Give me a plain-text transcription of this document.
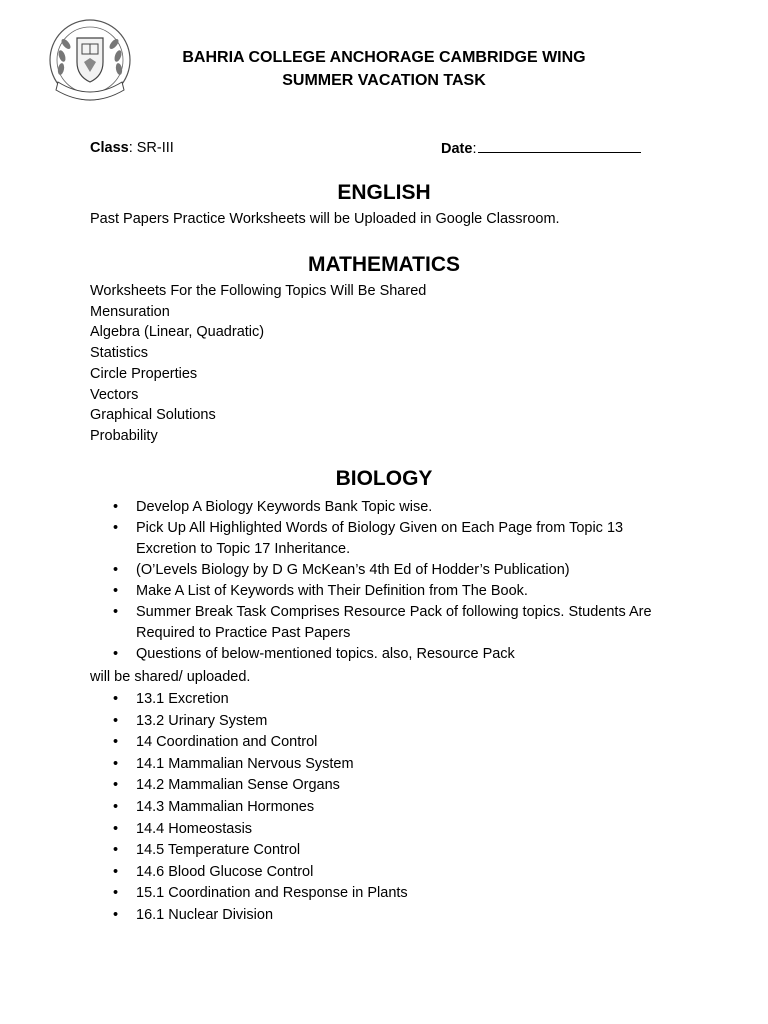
BAHRIA COLLEGE ANCHORAGE CAMBRIDGE WING
SUMMER VACATION TASK
Class: SR-III	Date:
ENGLISH
Past Papers Practice Worksheets will be Uploaded in Google Classroom.
MATHEMATICS
Worksheets For the Following Topics Will Be Shared
Mensuration
Algebra (Linear, Quadratic)
Statistics
Circle Properties
Vectors
Graphical Solutions
Probability
BIOLOGY
• Develop A Biology Keywords Bank Topic wise.
• Pick Up All Highlighted Words of Biology Given on Each Page from Topic 13
Excretion to Topic 17 Inheritance.
• (O’Levels Biology by D G McKean’s 4th Ed of Hodder’s Publication)
• Make A List of Keywords with Their Definition from The Book.
• Summer Break Task Comprises Resource Pack of following topics. Students Are
Required to Practice Past Papers
• Questions of below-mentioned topics. also, Resource Pack
will be shared/ uploaded.
• 13.1 Excretion
• 13.2 Urinary System
• 14 Coordination and Control
• 14.1 Mammalian Nervous System
• 14.2 Mammalian Sense Organs
• 14.3 Mammalian Hormones
• 14.4 Homeostasis
• 14.5 Temperature Control
• 14.6 Blood Glucose Control
• 15.1 Coordination and Response in Plants
• 16.1 Nuclear Division
